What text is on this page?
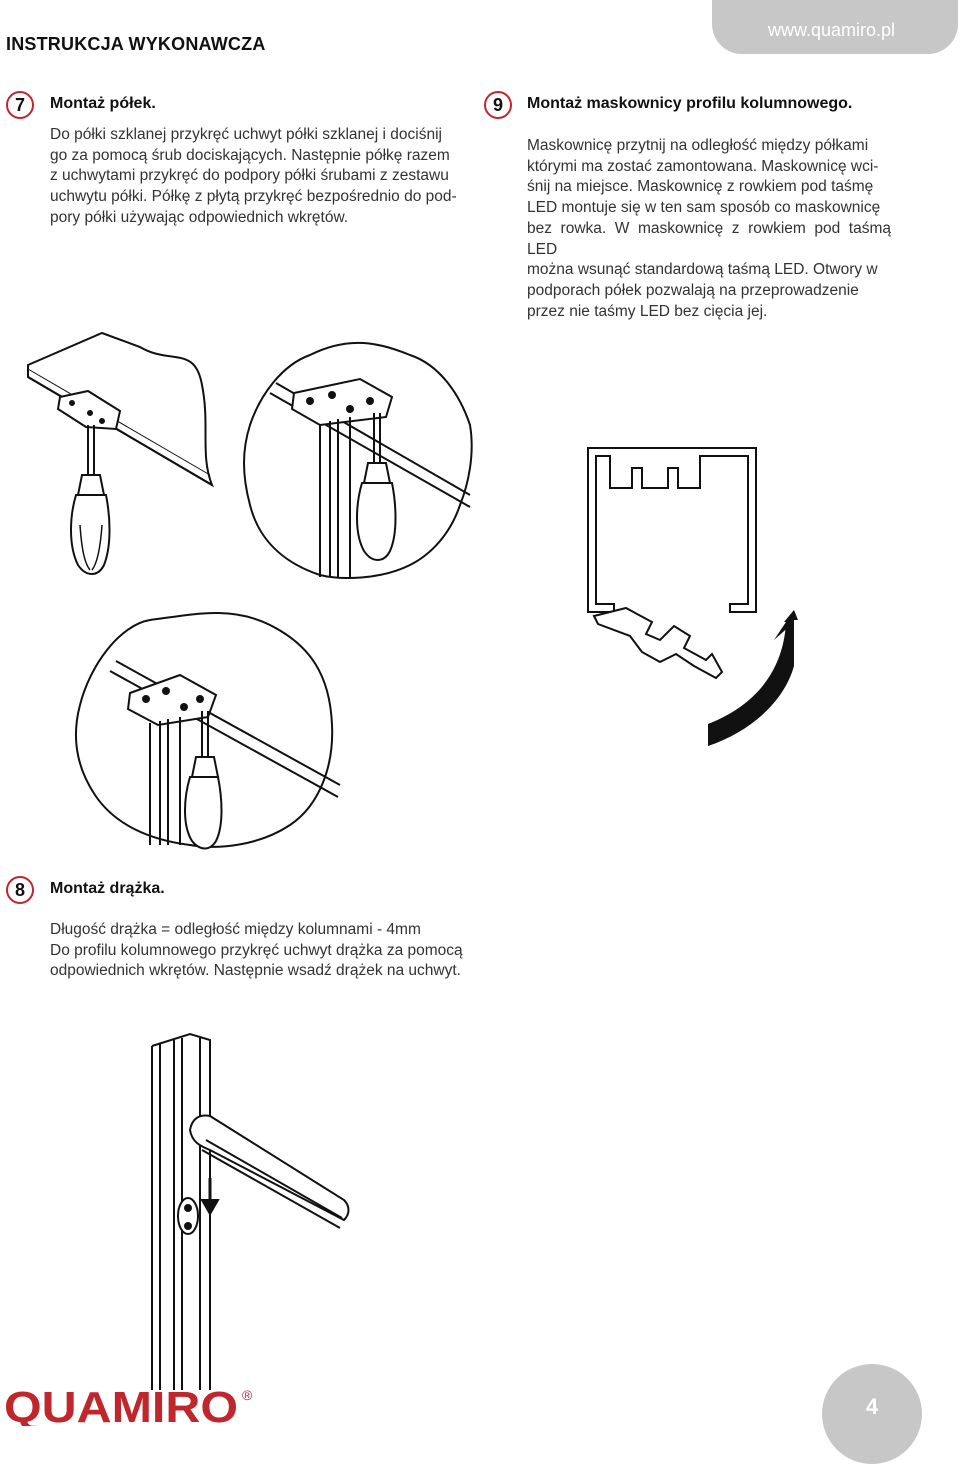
INSTRUKCJA WYKONAWCZA
www.quamiro.pl
7	Montaż półek.

Do półki szklanej przykręć uchwyt półki szklanej i dociśnij

go za pomocą śrub dociskających. Następnie półkę razem

z uchwytami przykręć do podpory półki śrubami z zestawu

uchwytu półki. Półkę z płytą przykręć bezpośrednio do pod-

pory półki używając odpowiednich wkrętów.

9	Montaż maskownicy profilu kolumnowego.

Maskownicę przytnij na odległość między półkami

którymi ma zostać zamontowana. Maskownicę wci-

śnij na miejsce. Maskownicę z rowkiem pod taśmę

LED montuje się w ten sam sposób co maskownicę

bez rowka. W maskownicę z rowkiem pod taśmą LED

można wsunąć standardową taśmą LED. Otwory w

podporach półek pozwalają na przeprowadzenie

przez nie taśmy LED bez cięcia jej.

8	Montaż drążka.

Długość drążka = odległość między kolumnami - 4mm

Do profilu kolumnowego przykręć uchwyt drążka za pomocą

odpowiednich wkrętów. Następnie wsadź drążek na uchwyt.

QUAMIRO ®	4
